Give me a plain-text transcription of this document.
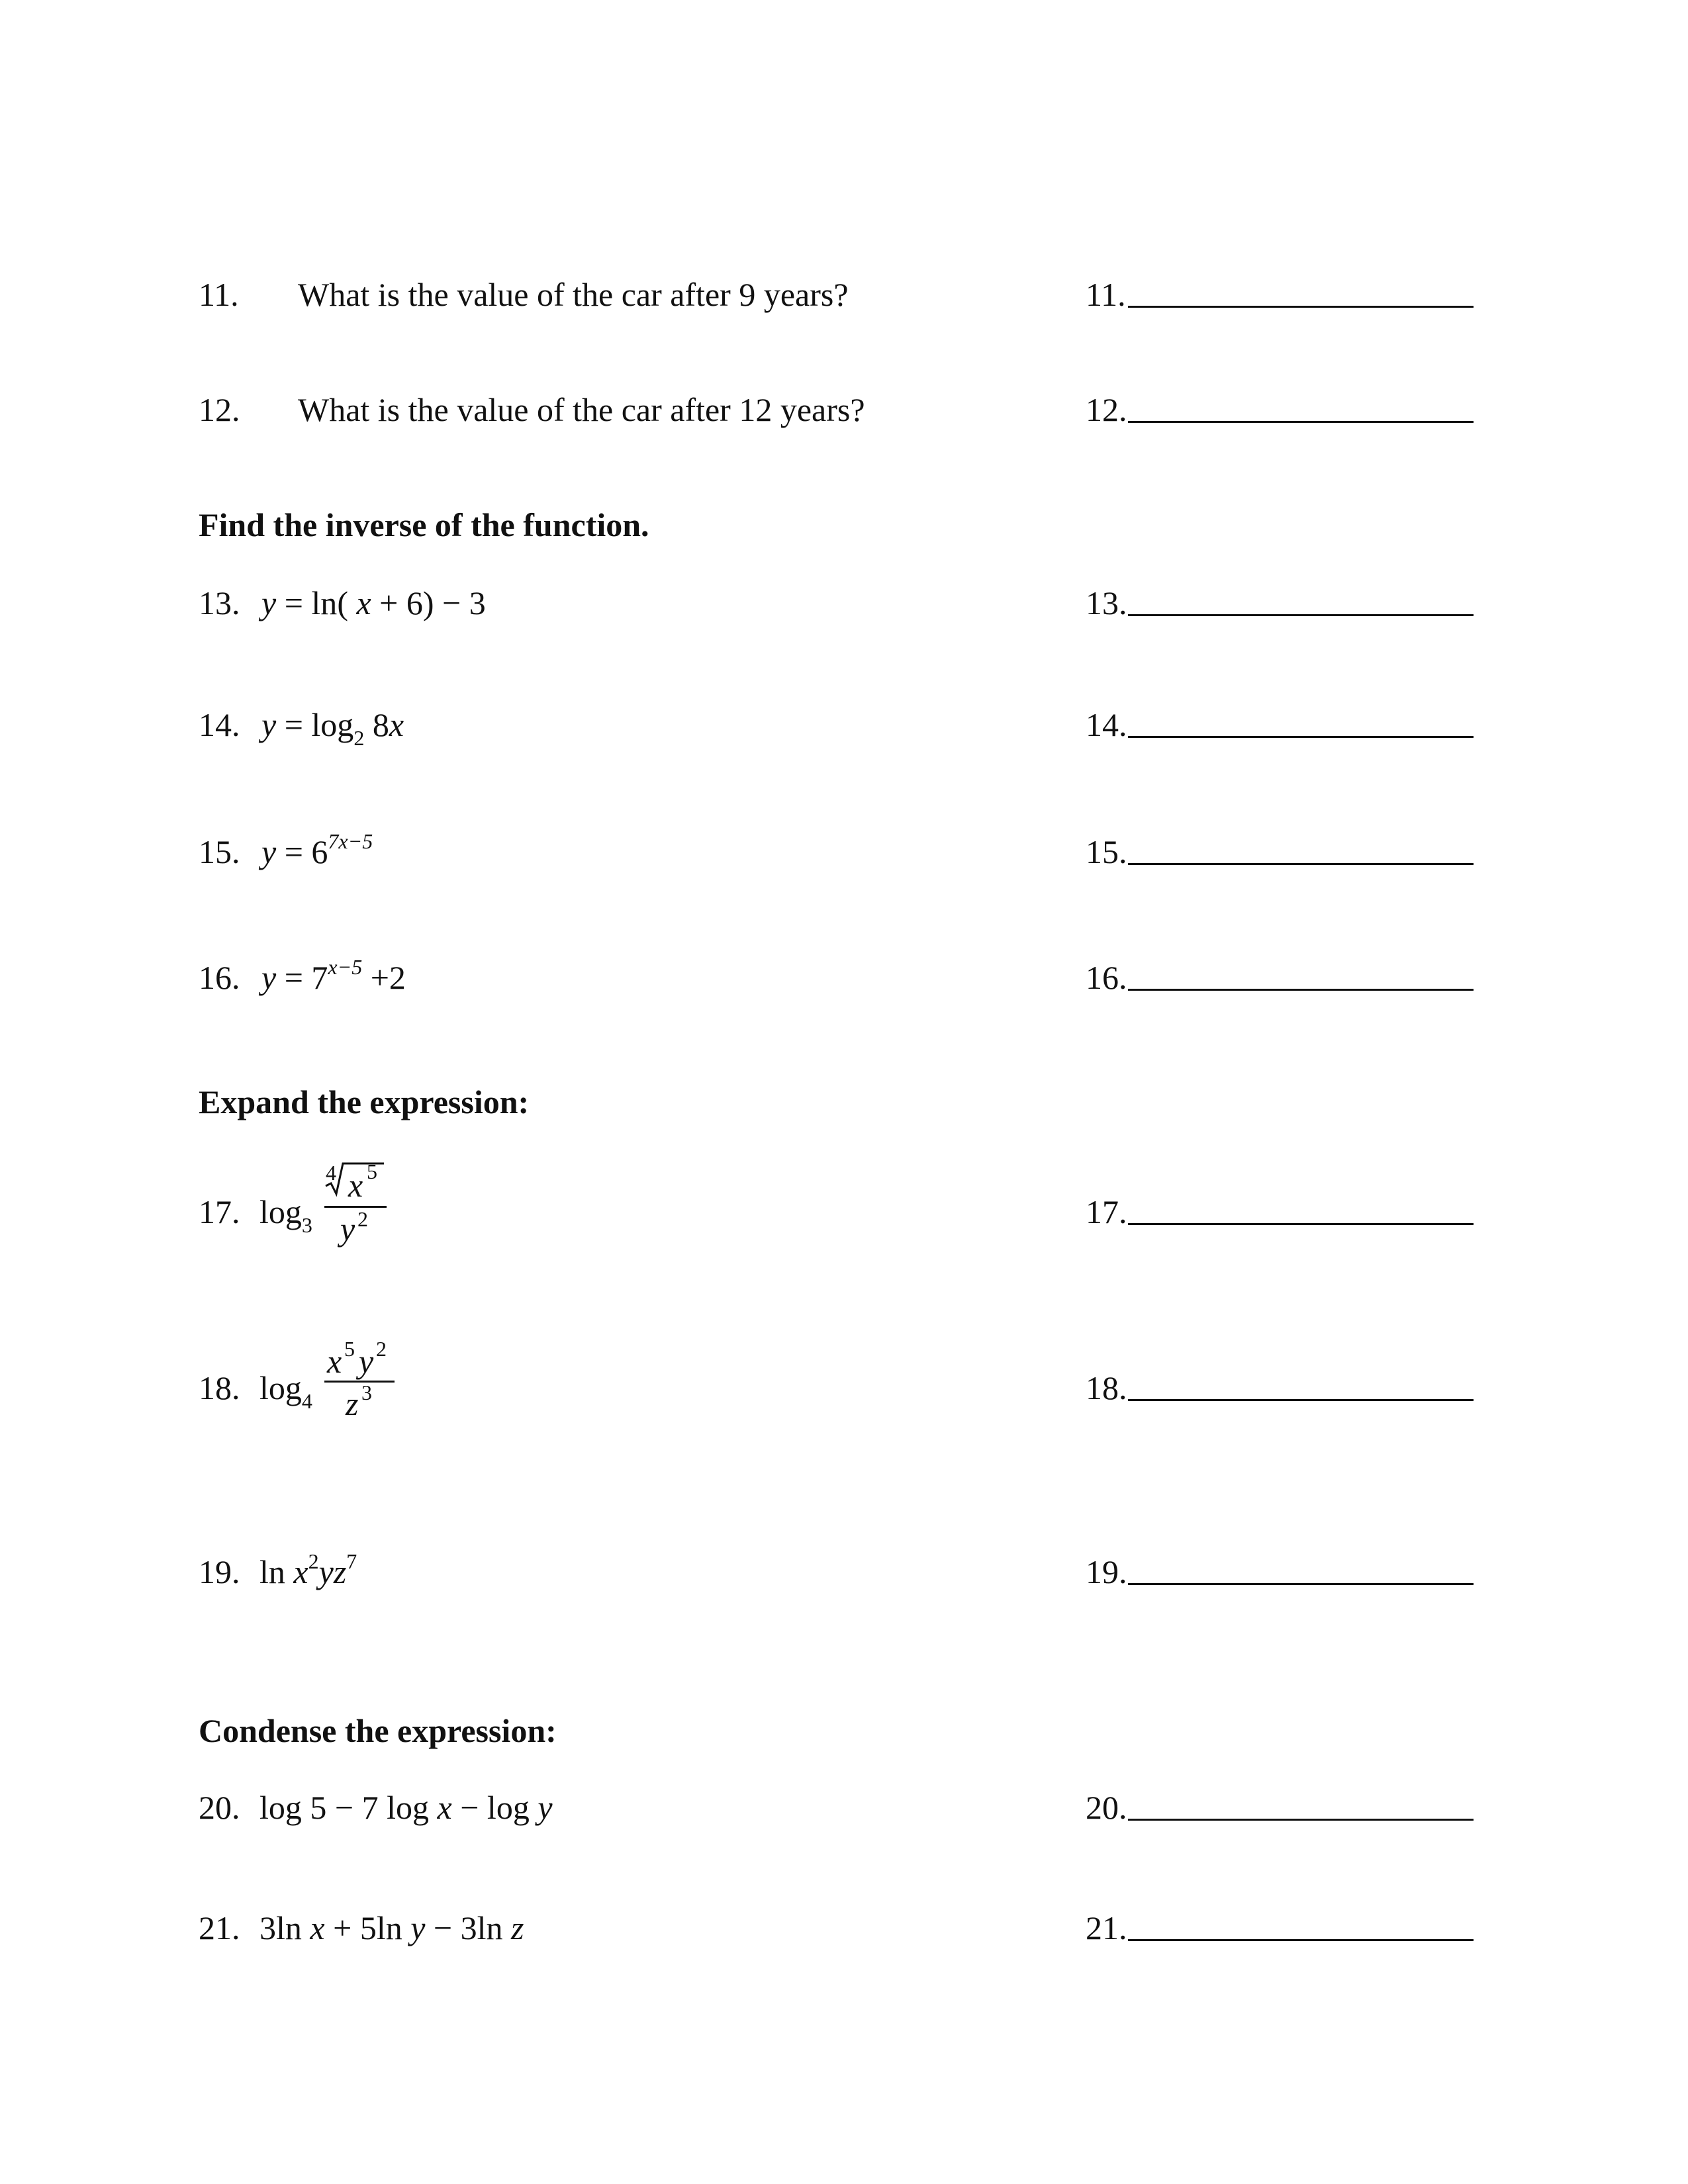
11. What is the value of the car after 9 years?	11.
12. What is the value of the car after 12 years?	12.
Find the inverse of the function.
13. y = ln( x + 6) − 3	13.
14. $y = \log_2 8x$	14.
15. $y = 6^{7x-5}$	15.
16. $y = 7^{x-5} +2$	16.
Expand the expression:
17. $\log_3$
4 x 5
y 2	17.
18. $\log_4$
x 5 y 2
z 3	18.
19. $\ln x^2yz^7$	19.
Condense the expression:
20. log 5 − 7 log x − log y	20.
21. 3ln x + 5ln y − 3ln z	21.
